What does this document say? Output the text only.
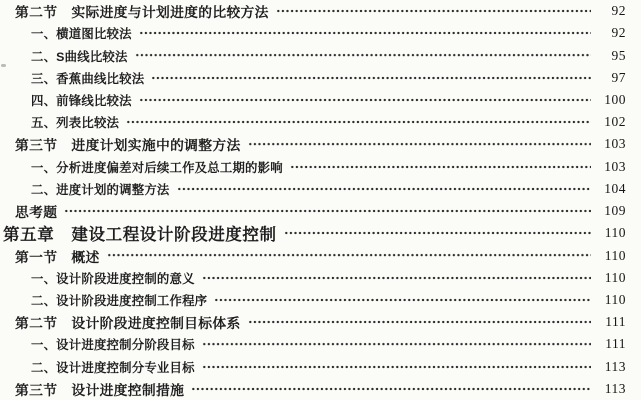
第二节　实际进度与计划进度的比较方法	92
一、横道图比较法	92
二、S曲线比较法	95
三、香蕉曲线比较法	97
四、前锋线比较法	100
五、列表比较法	102
第三节　进度计划实施中的调整方法	103
一、分析进度偏差对后续工作及总工期的影响	103
二、进度计划的调整方法	104
思考题	109
第五章　建设工程设计阶段进度控制	110
第一节　概述	110
一、设计阶段进度控制的意义	110
二、设计阶段进度控制工作程序	110
第二节　设计阶段进度控制目标体系	111
一、设计进度控制分阶段目标	111
二、设计进度控制分专业目标	113
第三节　设计进度控制措施	113
